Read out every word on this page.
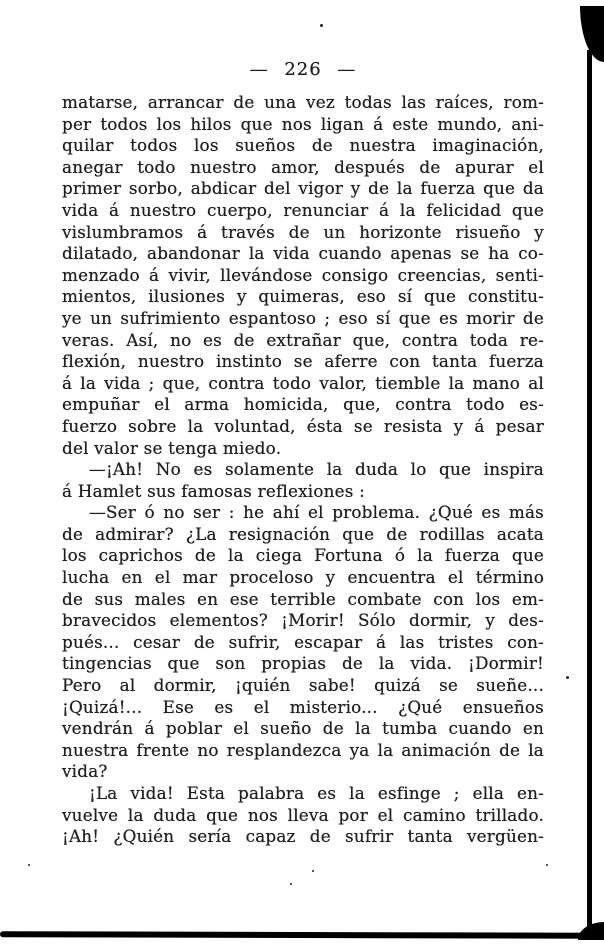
— 226 —
matarse, arrancar de una vez todas las raíces, rom-
per todos los hilos que nos ligan á este mundo, ani-
quilar todos los sueños de nuestra imaginación,
anegar todo nuestro amor, después de apurar el
primer sorbo, abdicar del vigor y de la fuerza que da
vida á nuestro cuerpo, renunciar á la felicidad que
vislumbramos á través de un horizonte risueño y
dilatado, abandonar la vida cuando apenas se ha co-
menzado á vivir, llevándose consigo creencias, senti-
mientos, ilusiones y quimeras, eso sí que constitu-
ye un sufrimiento espantoso ; eso sí que es morir de
veras. Así, no es de extrañar que, contra toda re-
flexión, nuestro instinto se aferre con tanta fuerza
á la vida ; que, contra todo valor, tiemble la mano al
empuñar el arma homicida, que, contra todo es-
fuerzo sobre la voluntad, ésta se resista y á pesar
del valor se tenga miedo.
—¡Ah! No es solamente la duda lo que inspira
á Hamlet sus famosas reflexiones :
—Ser ó no ser : he ahí el problema. ¿Qué es más
de admirar? ¿La resignación que de rodillas acata
los caprichos de la ciega Fortuna ó la fuerza que
lucha en el mar proceloso y encuentra el término
de sus males en ese terrible combate con los em-
bravecidos elementos? ¡Morir! Sólo dormir, y des-
pués... cesar de sufrir, escapar á las tristes con-
tingencias que son propias de la vida. ¡Dormir!
Pero al dormir, ¡quién sabe! quizá se sueñe...
¡Quizá!... Ese es el misterio... ¿Qué ensueños
vendrán á poblar el sueño de la tumba cuando en
nuestra frente no resplandezca ya la animación de la
vida?
¡La vida! Esta palabra es la esfinge ; ella en-
vuelve la duda que nos lleva por el camino trillado.
¡Ah! ¿Quién sería capaz de sufrir tanta vergüen-
